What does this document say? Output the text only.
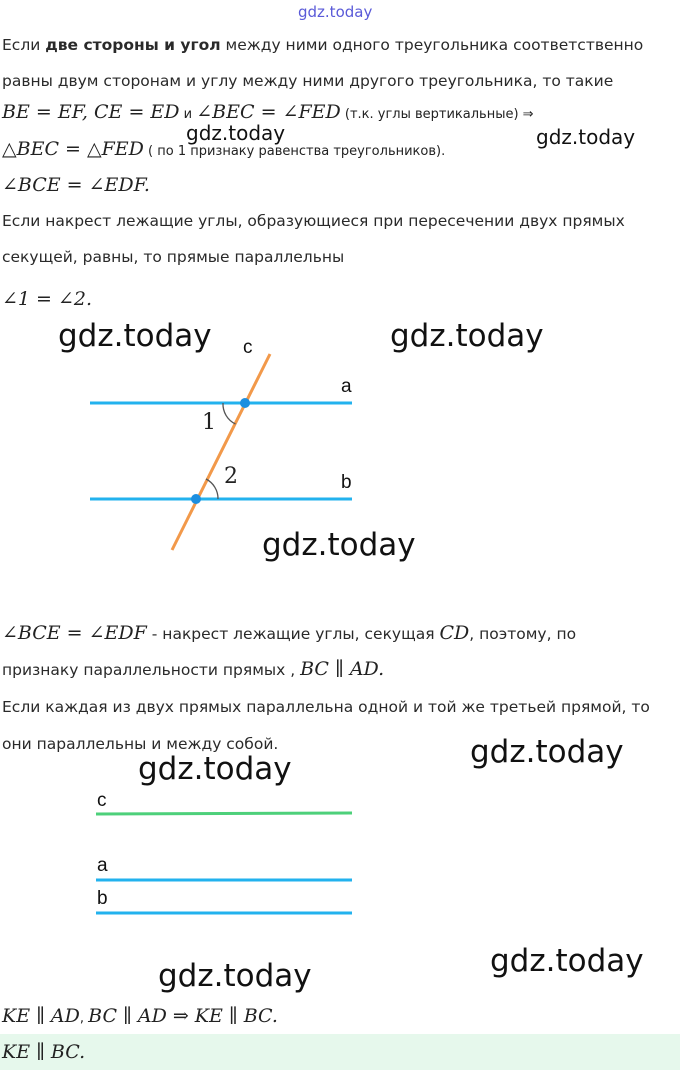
gdz.today
Если две стороны и угол между ними одного треугольника соответственно
равны двум сторонам и углу между ними другого треугольника, то такие
BE = EF, CE = ED и ∠BEC = ∠FED (т.к. углы вертикальные) ⇒
△BEC = △FED ( по 1 признаку равенства треугольников).
gdz.today	gdz.today
∠BCE = ∠EDF.
Если накрест лежащие углы, образующиеся при пересечении двух прямых
секущей, равны, то прямые параллельны
∠1 = ∠2.
gdz.today	gdz.today
c
a
b
1
2
gdz.today
∠BCE = ∠EDF - накрест лежащие углы, секущая CD, поэтому, по
признаку параллельности прямых , BC ∥ AD.
Если каждая из двух прямых параллельна одной и той же третьей прямой, то
они параллельны и между собой.	gdz.today
gdz.today
c
a
b
gdz.today
gdz.today
KE ∥ AD, BC ∥ AD ⇒ KE ∥ BC.
KE ∥ BC.
